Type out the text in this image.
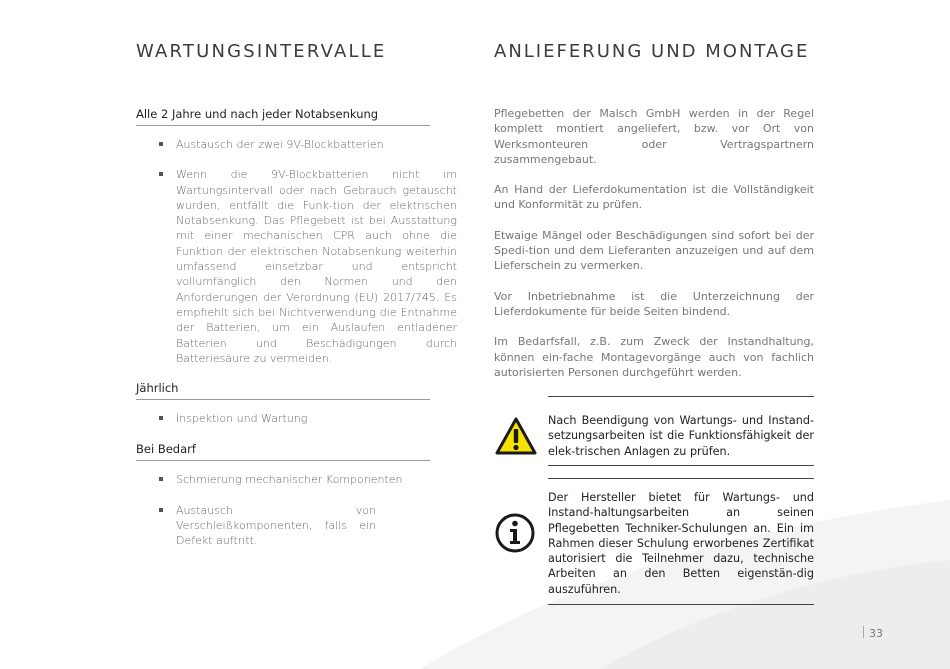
WARTUNGSINTERVALLE
Alle 2 Jahre und nach jeder Notabsenkung
Austausch der zwei 9V-Blockbatterien
Wenn die 9V-Blockbatterien nicht im Wartungsintervall oder nach Gebrauch getauscht wurden, entfällt die Funk-tion der elektrischen Notabsenkung. Das Pflegebett ist bei Ausstattung mit einer mechanischen CPR auch ohne die Funktion der elektrischen Notabsenkung weiterhin umfassend einsetzbar und entspricht vollumfänglich den Normen und den Anforderungen der Verordnung (EU) 2017/745. Es empfiehlt sich bei Nichtverwendung die Entnahme der Batterien, um ein Auslaufen entladener Batterien und Beschädigungen durch Batteriesäure zu vermeiden.
Jährlich
Inspektion und Wartung
Bei Bedarf
Schmierung mechanischer Komponenten
Austausch von Verschleißkomponenten, falls ein Defekt auftritt.
ANLIEFERUNG UND MONTAGE

Pflegebetten der Malsch GmbH werden in der Regel komplett montiert angeliefert, bzw. vor Ort von Werksmonteuren oder Vertragspartnern zusammengebaut.

An Hand der Lieferdokumentation ist die Vollständigkeit und Konformität zu prüfen.

Etwaige Mängel oder Beschädigungen sind sofort bei der Spedi-tion und dem Lieferanten anzuzeigen und auf dem Lieferschein zu vermerken.

Vor Inbetriebnahme ist die Unterzeichnung der Lieferdokumente für beide Seiten bindend.

Im Bedarfsfall, z.B. zum Zweck der Instandhaltung, können ein-fache Montagevorgänge auch von fachlich autorisierten Personen durchgeführt werden.

Nach Beendigung von Wartungs- und Instand-setzungsarbeiten ist die Funktionsfähigkeit der elek-trischen Anlagen zu prüfen.
Der Hersteller bietet für Wartungs- und Instand-haltungsarbeiten an seinen Pflegebetten Techniker-Schulungen an. Ein im Rahmen dieser Schulung erworbenes Zertifikat autorisiert die Teilnehmer dazu, technische Arbeiten an den Betten eigenstän-dig auszuführen.
33
